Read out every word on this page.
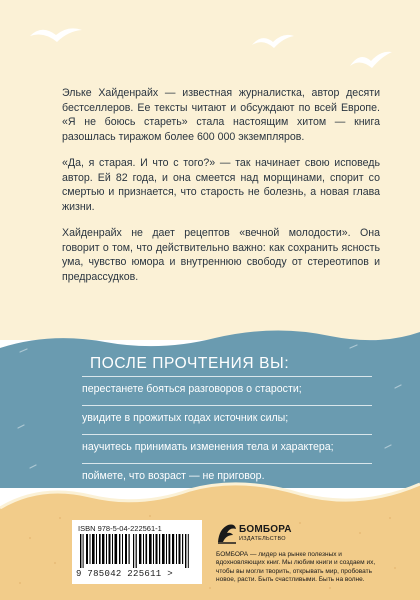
Эльке Хайденрайх — известная журналистка, автор десяти бестселлеров. Ее тексты читают и обсуждают по всей Европе. «Я не боюсь стареть» стала настоящим хитом — книга разошлась тиражом более 600 000 экземпляров.

«Да, я старая. И что с того?» — так начинает свою исповедь автор. Ей 82 года, и она смеется над морщинами, спорит со смертью и признается, что старость не болезнь, а новая глава жизни.

Хайденрайх не дает рецептов «вечной молодости». Она говорит о том, что действительно важно: как сохранить ясность ума, чувство юмора и внутреннюю свободу от стереотипов и предрассудков.

ПОСЛЕ ПРОЧТЕНИЯ ВЫ:
перестанете бояться разговоров о старости;
увидите в прожитых годах источник силы;
научитесь принимать изменения тела и характера;
поймете, что возраст — не приговор.
ISBN 978-5-04-222561-1
9 785042 225611 >
БОМБОРА
ИЗДАТЕЛЬСТВО

БОМБОРА — лидер на рынке полезных и вдохновляющих книг. Мы любим книги и создаем их, чтобы вы могли творить, открывать мир, пробовать новое, расти. Быть счастливыми. Быть на волне.
